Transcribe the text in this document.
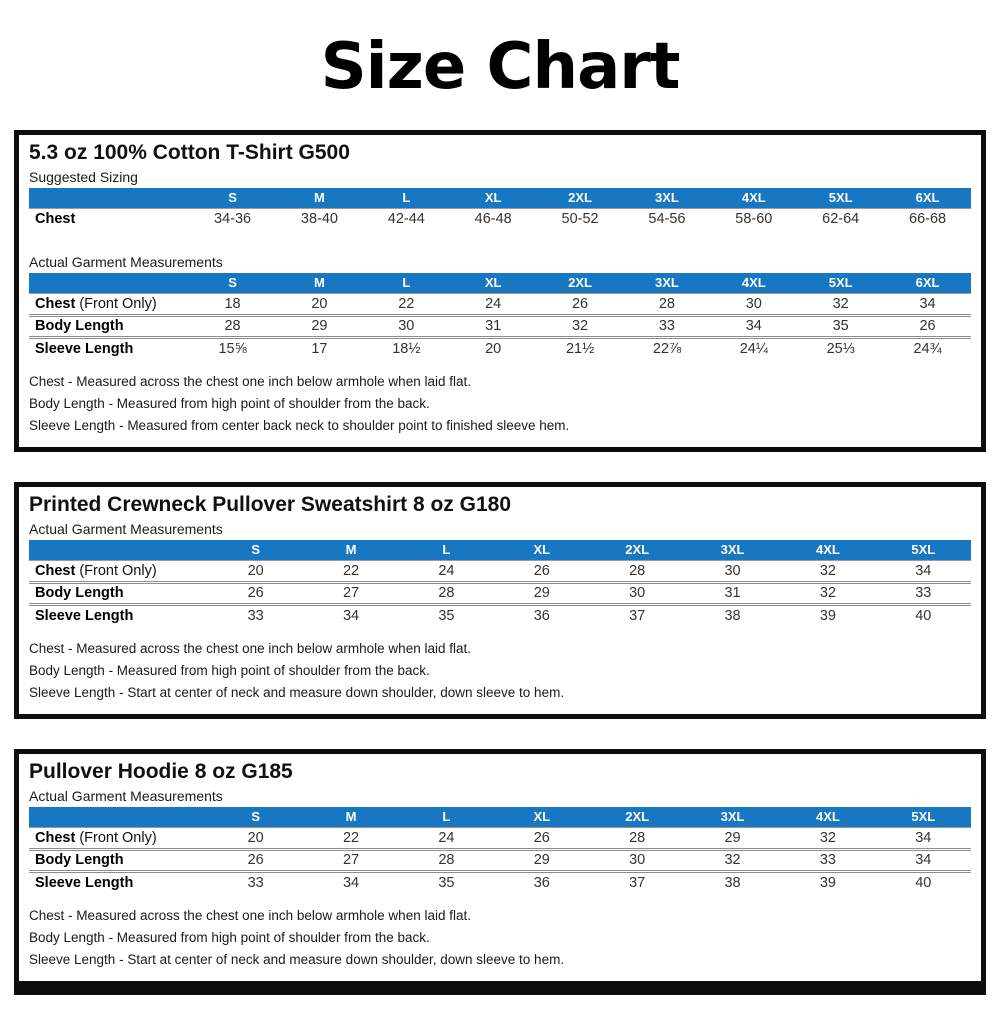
Size Chart
5.3 oz 100% Cotton T-Shirt G500
Suggested Sizing
	S	M	L	XL	2XL	3XL	4XL	5XL	6XL
Chest	34-36	38-40	42-44	46-48	50-52	54-56	58-60	62-64	66-68
Actual Garment Measurements
	S	M	L	XL	2XL	3XL	4XL	5XL	6XL
Chest (Front Only)	18	20	22	24	26	28	30	32	34
Body Length	28	29	30	31	32	33	34	35	26
Sleeve Length	15⅝	17	18½	20	21½	22⅞	24¼	25⅓	24¾
Chest - Measured across the chest one inch below armhole when laid flat.
Body Length - Measured from high point of shoulder from the back.
Sleeve Length - Measured from center back neck to shoulder point to finished sleeve hem.
Printed Crewneck Pullover Sweatshirt 8 oz G180
Actual Garment Measurements
	S	M	L	XL	2XL	3XL	4XL	5XL
Chest (Front Only)	20	22	24	26	28	30	32	34
Body Length	26	27	28	29	30	31	32	33
Sleeve Length	33	34	35	36	37	38	39	40
Chest - Measured across the chest one inch below armhole when laid flat.
Body Length - Measured from high point of shoulder from the back.
Sleeve Length - Start at center of neck and measure down shoulder, down sleeve to hem.
Pullover Hoodie 8 oz G185
Actual Garment Measurements
	S	M	L	XL	2XL	3XL	4XL	5XL
Chest (Front Only)	20	22	24	26	28	29	32	34
Body Length	26	27	28	29	30	32	33	34
Sleeve Length	33	34	35	36	37	38	39	40
Chest - Measured across the chest one inch below armhole when laid flat.
Body Length - Measured from high point of shoulder from the back.
Sleeve Length - Start at center of neck and measure down shoulder, down sleeve to hem.
